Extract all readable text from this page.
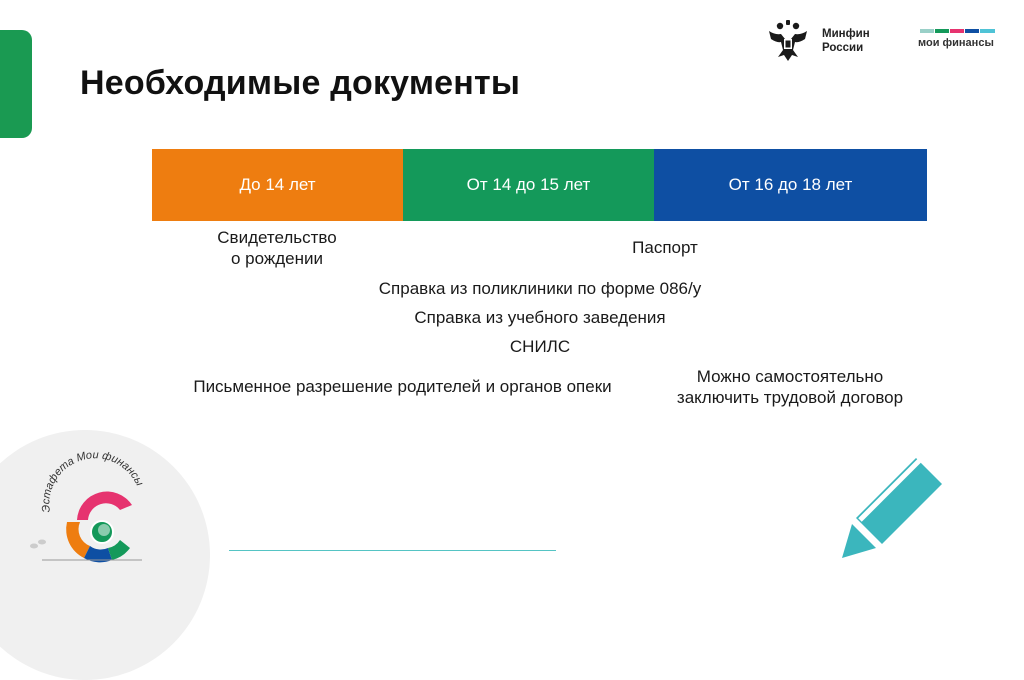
Необходимые документы
Минфин
России	мои финансы
До 14 лет	От 14 до 15 лет	От 16 до 18 лет
Свидетельство
о рождении
Паспорт
Справка из поликлиники по форме 086/у
Справка из учебного заведения
СНИЛС
Письменное разрешение родителей и органов опеки
Можно самостоятельно
заключить трудовой договор
Эстафета Мои финансы
